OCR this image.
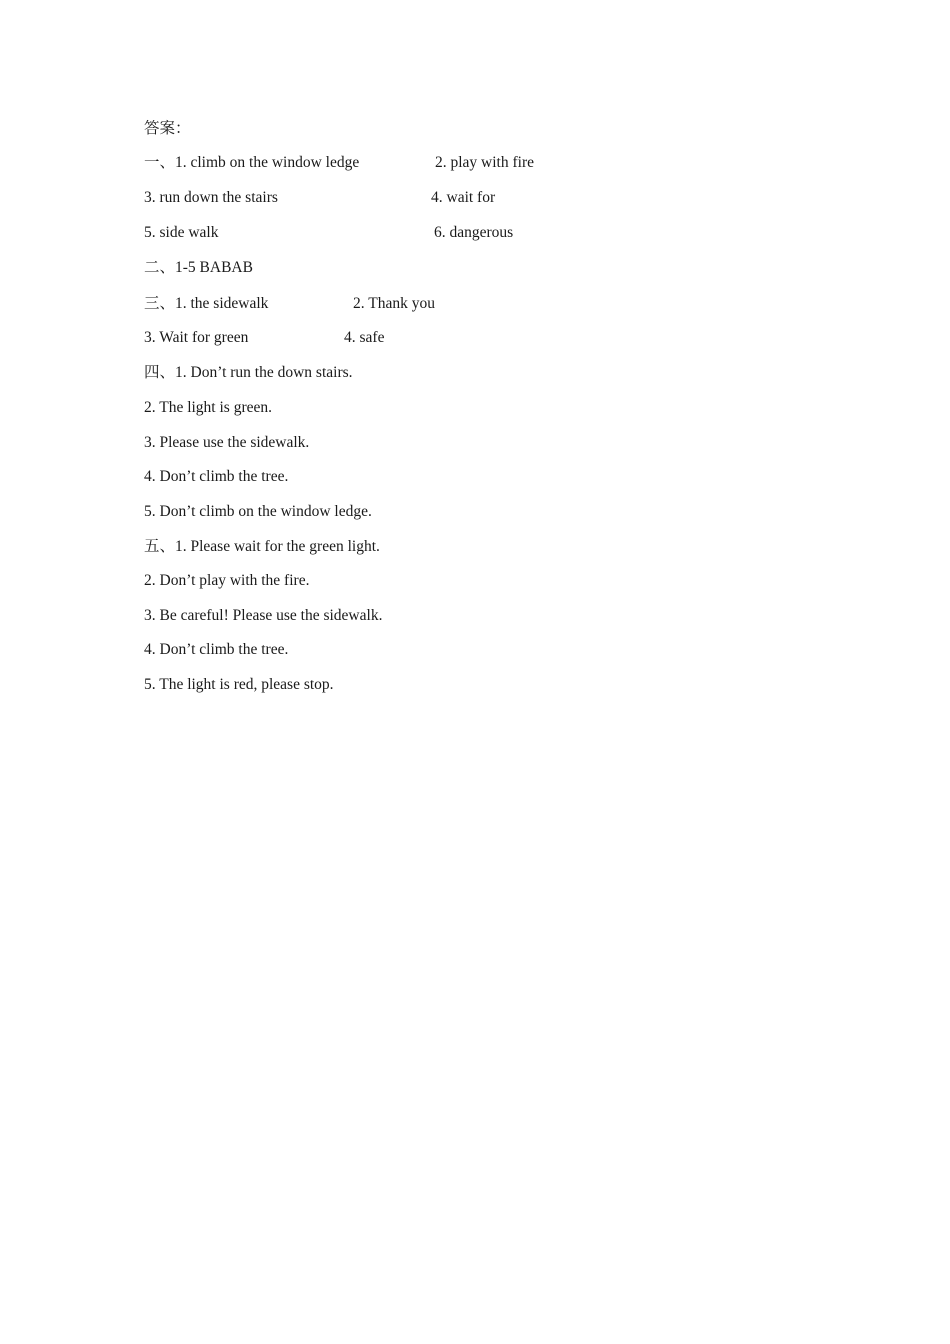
答案：
一、1. climb on the window ledge	2. play with fire
3. run down the stairs	4. wait for
5. side walk	6. dangerous
二、1-5 BABAB
三、1. the sidewalk	2. Thank you
3. Wait for green	4. safe
四、1. Don’t run the down stairs.
2. The light is green.
3. Please use the sidewalk.
4. Don’t climb the tree.
5. Don’t climb on the window ledge.
五、1. Please wait for the green light.
2. Don’t play with the fire.
3. Be careful! Please use the sidewalk.
4. Don’t climb the tree.
5. The light is red, please stop.
